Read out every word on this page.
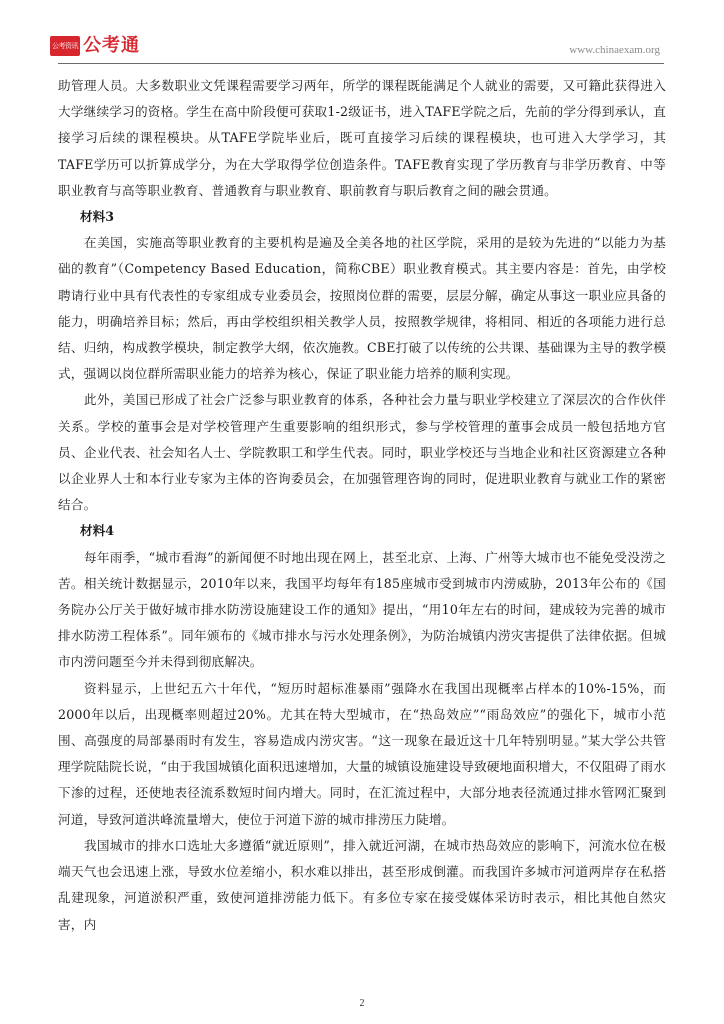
公考资讯 公考通	www.chinaexam.org

助管理人员。大多数职业文凭课程需要学习两年，所学的课程既能满足个人就业的需要，又可籍此获得进入大学继续学习的资格。学生在高中阶段便可获取1-2级证书，进入TAFE学院之后，先前的学分得到承认，直接学习后续的课程模块。从TAFE学院毕业后，既可直接学习后续的课程模块，也可进入大学学习，其TAFE学历可以折算成学分，为在大学取得学位创造条件。TAFE教育实现了学历教育与非学历教育、中等职业教育与高等职业教育、普通教育与职业教育、职前教育与职后教育之间的融会贯通。

材料3

在美国，实施高等职业教育的主要机构是遍及全美各地的社区学院，采用的是较为先进的“以能力为基础的教育”（Competency Based Education，简称CBE）职业教育模式。其主要内容是：首先，由学校聘请行业中具有代表性的专家组成专业委员会，按照岗位群的需要，层层分解，确定从事这一职业应具备的能力，明确培养目标；然后，再由学校组织相关教学人员，按照教学规律，将相同、相近的各项能力进行总结、归纳，构成教学模块，制定教学大纲，依次施教。CBE打破了以传统的公共课、基础课为主导的教学模式，强调以岗位群所需职业能力的培养为核心，保证了职业能力培养的顺利实现。

此外，美国已形成了社会广泛参与职业教育的体系，各种社会力量与职业学校建立了深层次的合作伙伴关系。学校的董事会是对学校管理产生重要影响的组织形式，参与学校管理的董事会成员一般包括地方官员、企业代表、社会知名人士、学院教职工和学生代表。同时，职业学校还与当地企业和社区资源建立各种以企业界人士和本行业专家为主体的咨询委员会，在加强管理咨询的同时，促进职业教育与就业工作的紧密结合。

材料4

每年雨季，“城市看海”的新闻便不时地出现在网上，甚至北京、上海、广州等大城市也不能免受没涝之苦。相关统计数据显示，2010年以来，我国平均每年有185座城市受到城市内涝威胁，2013年公布的《国务院办公厅关于做好城市排水防涝设施建设工作的通知》提出，“用10年左右的时间，建成较为完善的城市排水防涝工程体系”。同年颁布的《城市排水与污水处理条例》，为防治城镇内涝灾害提供了法律依据。但城市内涝问题至今并未得到彻底解决。

资料显示，上世纪五六十年代，“短历时超标准暴雨”强降水在我国出现概率占样本的10%-15%，而2000年以后，出现概率则超过20%。尤其在特大型城市，在“热岛效应”“雨岛效应”的强化下，城市小范围、高强度的局部暴雨时有发生，容易造成内涝灾害。“这一现象在最近这十几年特别明显。”某大学公共管理学院陆院长说，“由于我国城镇化面积迅速增加，大量的城镇设施建设导致硬地面积增大，不仅阻碍了雨水下渗的过程，还使地表径流系数短时间内增大。同时，在汇流过程中，大部分地表径流通过排水管网汇聚到河道，导致河道洪峰流量增大，使位于河道下游的城市排涝压力陡增。

我国城市的排水口选址大多遵循“就近原则”，排入就近河湖，在城市热岛效应的影响下，河流水位在极端天气也会迅速上涨，导致水位差缩小，积水难以排出，甚至形成倒灌。而我国许多城市河道两岸存在私搭乱建现象，河道淤积严重，致使河道排涝能力低下。有多位专家在接受媒体采访时表示，相比其他自然灾害，内

2
